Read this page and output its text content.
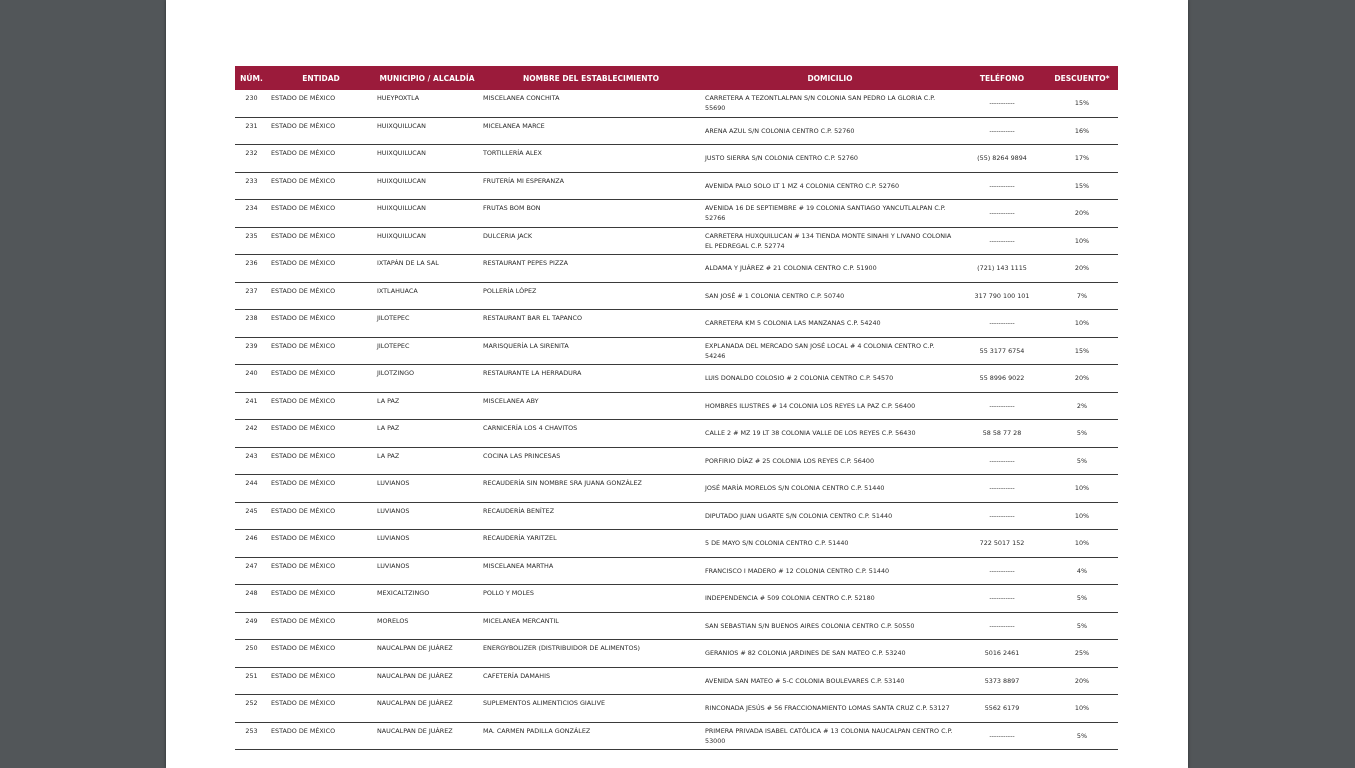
NÚM.	ENTIDAD	MUNICIPIO / ALCALDÍA	NOMBRE DEL ESTABLECIMIENTO	DOMICILIO	TELÉFONO	DESCUENTO*
230	ESTADO DE MÉXICO	HUEYPOXTLA	MISCELANEA CONCHITA	CARRETERA A TEZONTLALPAN S/N COLONIA SAN PEDRO LA GLORIA C.P. 55690	-----------	15%
231	ESTADO DE MÉXICO	HUIXQUILUCAN	MICELANEA MARCE	ARENA AZUL S/N COLONIA CENTRO C.P. 52760	-----------	16%
232	ESTADO DE MÉXICO	HUIXQUILUCAN	TORTILLERÍA ALEX	JUSTO SIERRA S/N COLONIA CENTRO C.P. 52760	(55) 8264 9894	17%
233	ESTADO DE MÉXICO	HUIXQUILUCAN	FRUTERÍA MI ESPERANZA	AVENIDA PALO SOLO LT 1 MZ 4 COLONIA CENTRO C.P. 52760	-----------	15%
234	ESTADO DE MÉXICO	HUIXQUILUCAN	FRUTAS BOM BON	AVENIDA 16 DE SEPTIEMBRE # 19 COLONIA SANTIAGO YANCUTLALPAN C.P. 52766	-----------	20%
235	ESTADO DE MÉXICO	HUIXQUILUCAN	DULCERIA JACK	CARRETERA HUXQUILUCAN # 134 TIENDA MONTE SINAHI Y LIVANO COLONIA EL PEDREGAL C.P. 52774	-----------	10%
236	ESTADO DE MÉXICO	IXTAPÁN DE LA SAL	RESTAURANT PEPES PIZZA	ALDAMA Y JUÁREZ # 21 COLONIA CENTRO C.P. 51900	(721) 143 1115	20%
237	ESTADO DE MÉXICO	IXTLAHUACA	POLLERÍA LÓPEZ	SAN JOSÉ # 1 COLONIA CENTRO C.P. 50740	317 790 100 101	7%
238	ESTADO DE MÉXICO	JILOTEPEC	RESTAURANT BAR EL TAPANCO	CARRETERA KM 5 COLONIA LAS MANZANAS C.P. 54240	-----------	10%
239	ESTADO DE MÉXICO	JILOTEPEC	MARISQUERÍA LA SIRENITA	EXPLANADA DEL MERCADO SAN JOSÉ LOCAL # 4 COLONIA CENTRO C.P. 54246	55 3177 6754	15%
240	ESTADO DE MÉXICO	JILOTZINGO	RESTAURANTE LA HERRADURA	LUIS DONALDO COLOSIO # 2 COLONIA CENTRO C.P. 54570	55 8996 9022	20%
241	ESTADO DE MÉXICO	LA PAZ	MISCELANEA ABY	HOMBRES ILUSTRES # 14 COLONIA LOS REYES LA PAZ C.P. 56400	-----------	2%
242	ESTADO DE MÉXICO	LA PAZ	CARNICERÍA LOS 4 CHAVITOS	CALLE 2 # MZ 19 LT 38 COLONIA VALLE DE LOS REYES C.P. 56430	58 58 77 28	5%
243	ESTADO DE MÉXICO	LA PAZ	COCINA LAS PRINCESAS	PORFIRIO DÍAZ # 25 COLONIA LOS REYES C.P. 56400	-----------	5%
244	ESTADO DE MÉXICO	LUVIANOS	RECAUDERÍA SIN NOMBRE SRA JUANA GONZÁLEZ	JOSÉ MARÍA MORELOS S/N COLONIA CENTRO C.P. 51440	-----------	10%
245	ESTADO DE MÉXICO	LUVIANOS	RECAUDERÍA BENÍTEZ	DIPUTADO JUAN UGARTE S/N COLONIA CENTRO C.P. 51440	-----------	10%
246	ESTADO DE MÉXICO	LUVIANOS	RECAUDERÍA YARITZEL	5 DE MAYO S/N COLONIA CENTRO C.P. 51440	722 5017 152	10%
247	ESTADO DE MÉXICO	LUVIANOS	MISCELANEA MARTHA	FRANCISCO I MADERO # 12 COLONIA CENTRO C.P. 51440	-----------	4%
248	ESTADO DE MÉXICO	MEXICALTZINGO	POLLO Y MOLES	INDEPENDENCIA # 509 COLONIA CENTRO C.P. 52180	-----------	5%
249	ESTADO DE MÉXICO	MORELOS	MICELANEA MERCANTIL	SAN SEBASTIAN S/N BUENOS AIRES COLONIA CENTRO C.P. 50550	-----------	5%
250	ESTADO DE MÉXICO	NAUCALPAN DE JUÁREZ	ENERGYBOLIZER (DISTRIBUIDOR DE ALIMENTOS)	GERANIOS # 82 COLONIA JARDINES DE SAN MATEO C.P. 53240	5016 2461	25%
251	ESTADO DE MÉXICO	NAUCALPAN DE JUÁREZ	CAFETERÍA DAMAHIS	AVENIDA SAN MATEO # 5-C COLONIA BOULEVARES C.P. 53140	5373 8897	20%
252	ESTADO DE MÉXICO	NAUCALPAN DE JUÁREZ	SUPLEMENTOS ALIMENTICIOS GIALIVE	RINCONADA JESÚS # 56 FRACCIONAMIENTO LOMAS SANTA CRUZ C.P. 53127	5562 6179	10%
253	ESTADO DE MÉXICO	NAUCALPAN DE JUÁREZ	MA. CARMEN PADILLA GONZÁLEZ	PRIMERA PRIVADA ISABEL CATÓLICA # 13 COLONIA NAUCALPAN CENTRO C.P. 53000	-----------	5%
